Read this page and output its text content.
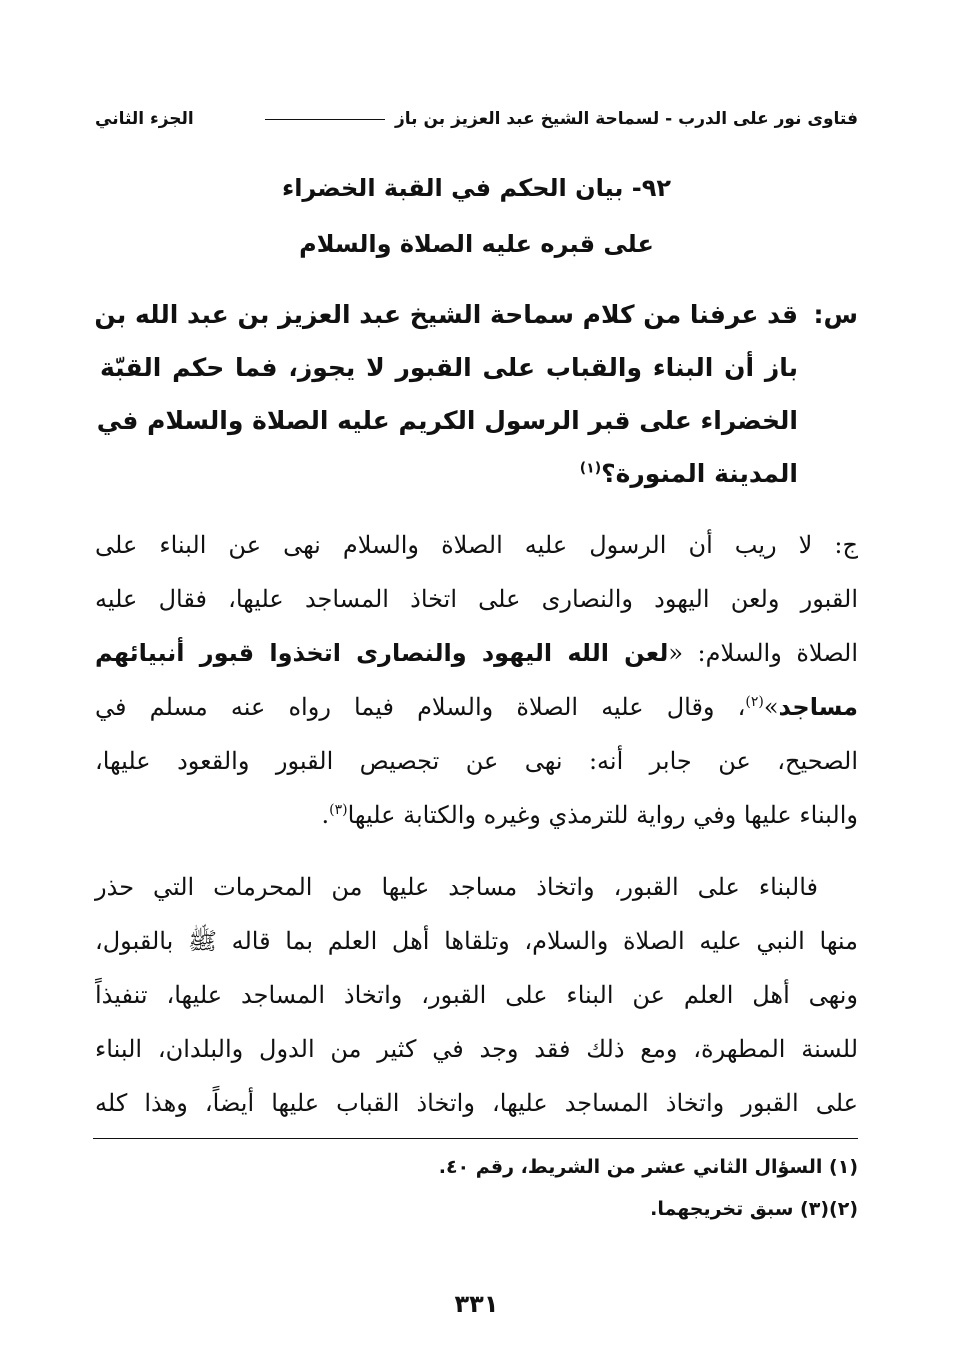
فتاوى نور على الدرب - لسماحة الشيخ عبد العزيز بن باز
الجزء الثاني
٩٢- بيان الحكم في القبة الخضراء
على قبره عليه الصلاة والسلام
س:
قد عرفنا من كلام سماحة الشيخ عبد العزيز بن عبد الله بن
باز أن البناء والقباب على القبور لا يجوز، فما حكم القبّة
الخضراء على قبر الرسول الكريم عليه الصلاة والسلام في
المدينة المنورة؟$^{(١)}$
ج: لا ريب أن الرسول عليه الصلاة والسلام نهى عن البناء على
القبور ولعن اليهود والنصارى على اتخاذ المساجد عليها، فقال عليه
الصلاة والسلام: «لعن الله اليهود والنصارى اتخذوا قبور أنبيائهم
مساجد»$^{(٢)}$، وقال عليه الصلاة والسلام فيما رواه عنه مسلم في
الصحيح، عن جابر أنه: نهى عن تجصيص القبور والقعود عليها،
والبناء عليها وفي رواية للترمذي وغيره والكتابة عليها$^{(٣)}$.
فالبناء على القبور، واتخاذ مساجد عليها من المحرمات التي حذر
منها النبي عليه الصلاة والسلام، وتلقاها أهل العلم بما قاله ﷺ بالقبول،
ونهى أهل العلم عن البناء على القبور، واتخاذ المساجد عليها، تنفيذاً
للسنة المطهرة، ومع ذلك فقد وجد في كثير من الدول والبلدان، البناء
على القبور واتخاذ المساجد عليها، واتخاذ القباب عليها أيضاً، وهذا كله
(١) السؤال الثاني عشر من الشريط، رقم ٤٠.
(٢)(٣) سبق تخريجهما.
٣٣١
